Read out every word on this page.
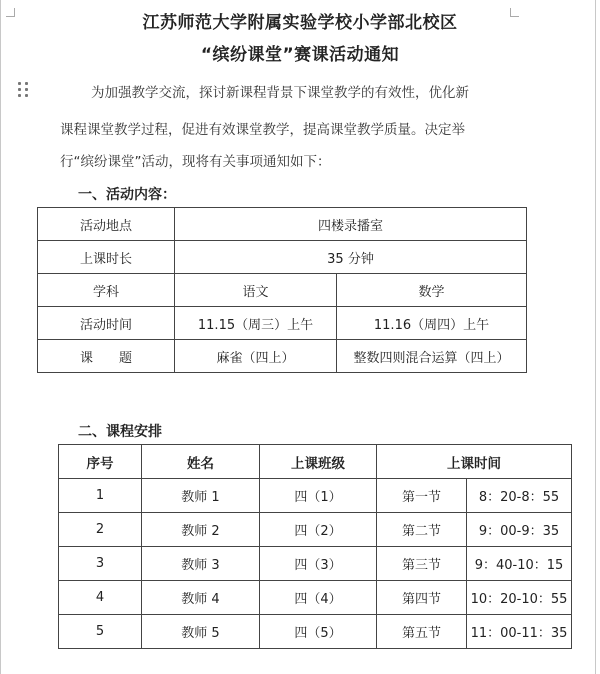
江苏师范大学附属实验学校小学部北校区
“缤纷课堂”赛课活动通知
为加强教学交流，探讨新课程背景下课堂教学的有效性，优化新
课程课堂教学过程，促进有效课堂教学，提高课堂教学质量。决定举
行“缤纷课堂”活动，现将有关事项通知如下：
一、活动内容：
活动地点	四楼录播室	
上课时长	35 分钟	
学科	语文	数学
活动时间	11.15（周三）上午	11.16（周四）上午
课　　题	麻雀（四上）	整数四则混合运算（四上）
二、课程安排
序号	姓名	上课班级	上课时间	
1	教师 1	四（1）	第一节	8：20-8：55
2	教师 2	四（2）	第二节	9：00-9：35
3	教师 3	四（3）	第三节	9：40-10：15
4	教师 4	四（4）	第四节	10：20-10：55
5	教师 5	四（5）	第五节	11：00-11：35
